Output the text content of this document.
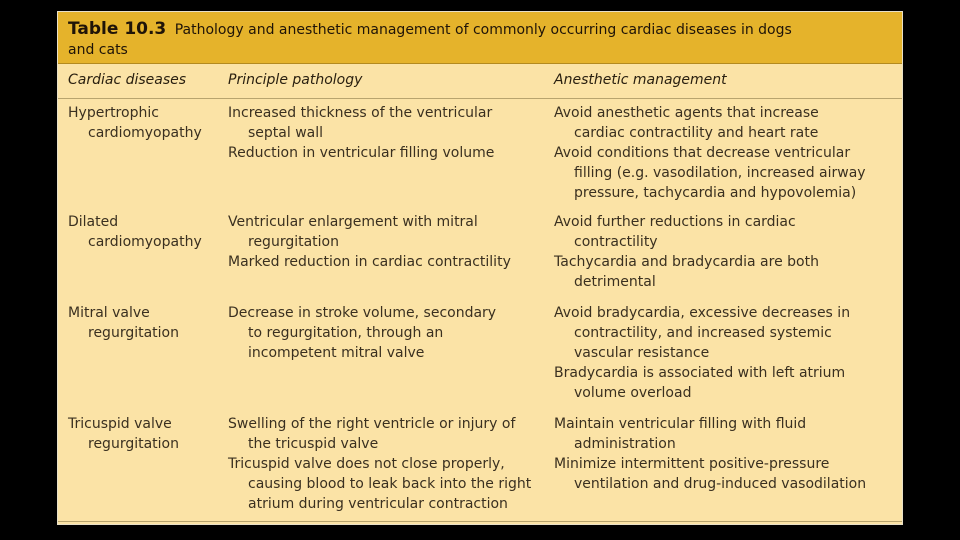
Table 10.3 Pathology and anesthetic management of commonly occurring cardiac diseases in dogs
and cats
Cardiac diseases	Principle pathology	Anesthetic management
Hypertrophic
cardiomyopathy
Increased thickness of the ventricular
septal wall
Reduction in ventricular filling volume
Avoid anesthetic agents that increase
cardiac contractility and heart rate
Avoid conditions that decrease ventricular
filling (e.g. vasodilation, increased airway
pressure, tachycardia and hypovolemia)
Dilated
cardiomyopathy
Ventricular enlargement with mitral
regurgitation
Marked reduction in cardiac contractility
Avoid further reductions in cardiac
contractility
Tachycardia and bradycardia are both
detrimental
Mitral valve
regurgitation
Decrease in stroke volume, secondary
to regurgitation, through an
incompetent mitral valve
Avoid bradycardia, excessive decreases in
contractility, and increased systemic
vascular resistance
Bradycardia is associated with left atrium
volume overload
Tricuspid valve
regurgitation
Swelling of the right ventricle or injury of
the tricuspid valve
Tricuspid valve does not close properly,
causing blood to leak back into the right
atrium during ventricular contraction
Maintain ventricular filling with fluid
administration
Minimize intermittent positive-pressure
ventilation and drug-induced vasodilation
